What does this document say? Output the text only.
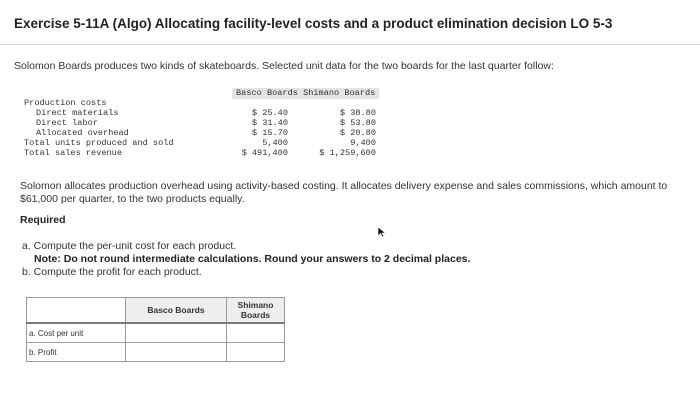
Exercise 5-11A (Algo) Allocating facility-level costs and a product elimination decision LO 5-3
Solomon Boards produces two kinds of skateboards. Selected unit data for the two boards for the last quarter follow:
Basco Boards Shimano Boards
Production costs
Direct materials	$ 25.40	$ 38.80
Direct labor	$ 31.40	$ 53.80
Allocated overhead	$ 15.70	$ 20.80
Total units produced and sold	5,400	9,400
Total sales revenue	$ 491,400	$ 1,259,600
Solomon allocates production overhead using activity-based costing. It allocates delivery expense and sales commissions, which amount to $61,000 per quarter, to the two products equally.
Required
a. Compute the per-unit cost for each product.
Note: Do not round intermediate calculations. Round your answers to 2 decimal places.
b. Compute the profit for each product.
	Basco Boards	Shimano
Boards
a. Cost per unit		
b. Profit		
